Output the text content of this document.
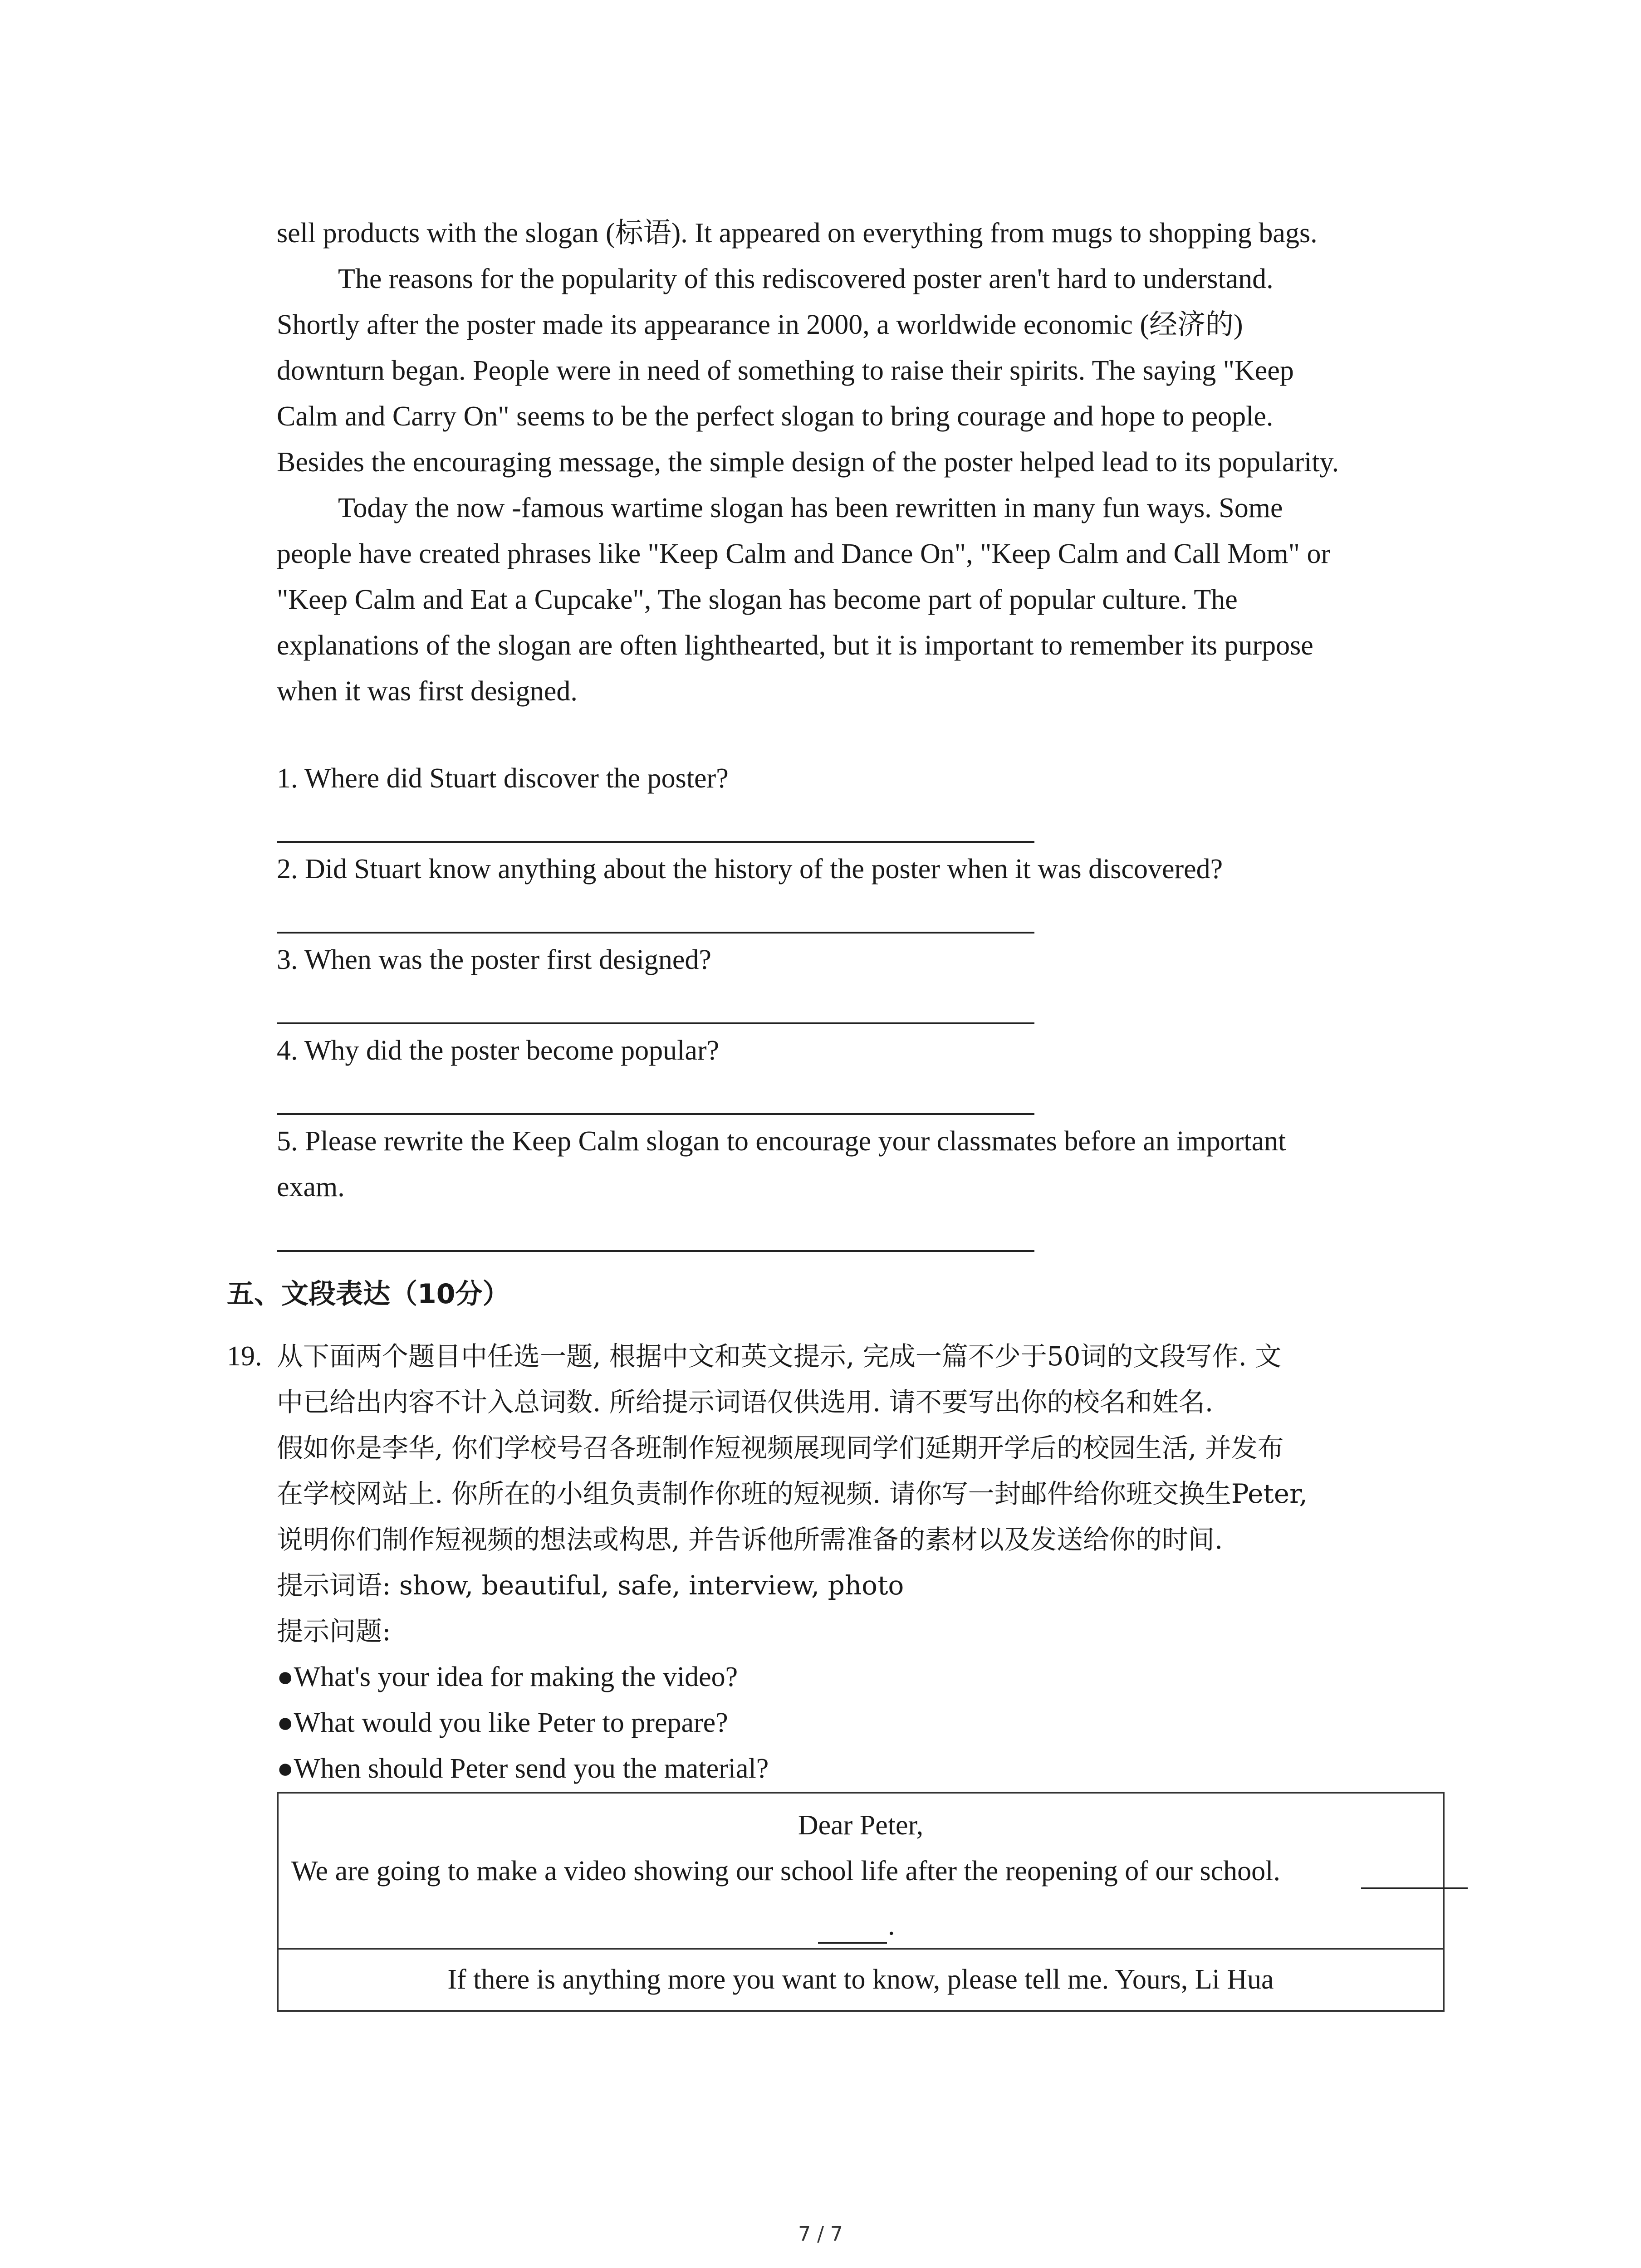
sell products with the slogan (标语). It appeared on everything from mugs to shopping bags.

The reasons for the popularity of this rediscovered poster aren't hard to understand.
Shortly after the poster made its appearance in 2000, a worldwide economic (经济的)
downturn began. People were in need of something to raise their spirits. The saying "Keep
Calm and Carry On" seems to be the perfect slogan to bring courage and hope to people.
Besides the encouraging message, the simple design of the poster helped lead to its popularity.

Today the now -famous wartime slogan has been rewritten in many fun ways. Some
people have created phrases like "Keep Calm and Dance On", "Keep Calm and Call Mom" or
"Keep Calm and Eat a Cupcake", The slogan has become part of popular culture. The
explanations of the slogan are often lighthearted, but it is important to remember its purpose
when it was first designed.

1. Where did Stuart discover the poster?
2. Did Stuart know anything about the history of the poster when it was discovered?
3. When was the poster first designed?
4. Why did the poster become popular?
5. Please rewrite the Keep Calm slogan to encourage your classmates before an important
exam.
五、文段表达（10分）
19. 从下面两个题目中任选一题, 根据中文和英文提示, 完成一篇不少于50词的文段写作. 文
中已给出内容不计入总词数. 所给提示词语仅供选用. 请不要写出你的校名和姓名.
假如你是李华, 你们学校号召各班制作短视频展现同学们延期开学后的校园生活, 并发布
在学校网站上. 你所在的小组负责制作你班的短视频. 请你写一封邮件给你班交换生Peter,
说明你们制作短视频的想法或构思, 并告诉他所需准备的素材以及发送给你的时间.
提示词语: show, beautiful, safe, interview, photo
提示问题:
●What's your idea for making the video?
●What would you like Peter to prepare?
●When should Peter send you the material?

Dear Peter,
We are going to make a video showing our school life after the reopening of our school.
If there is anything more you want to know, please tell me. Yours, Li Hua
.
7 / 7
